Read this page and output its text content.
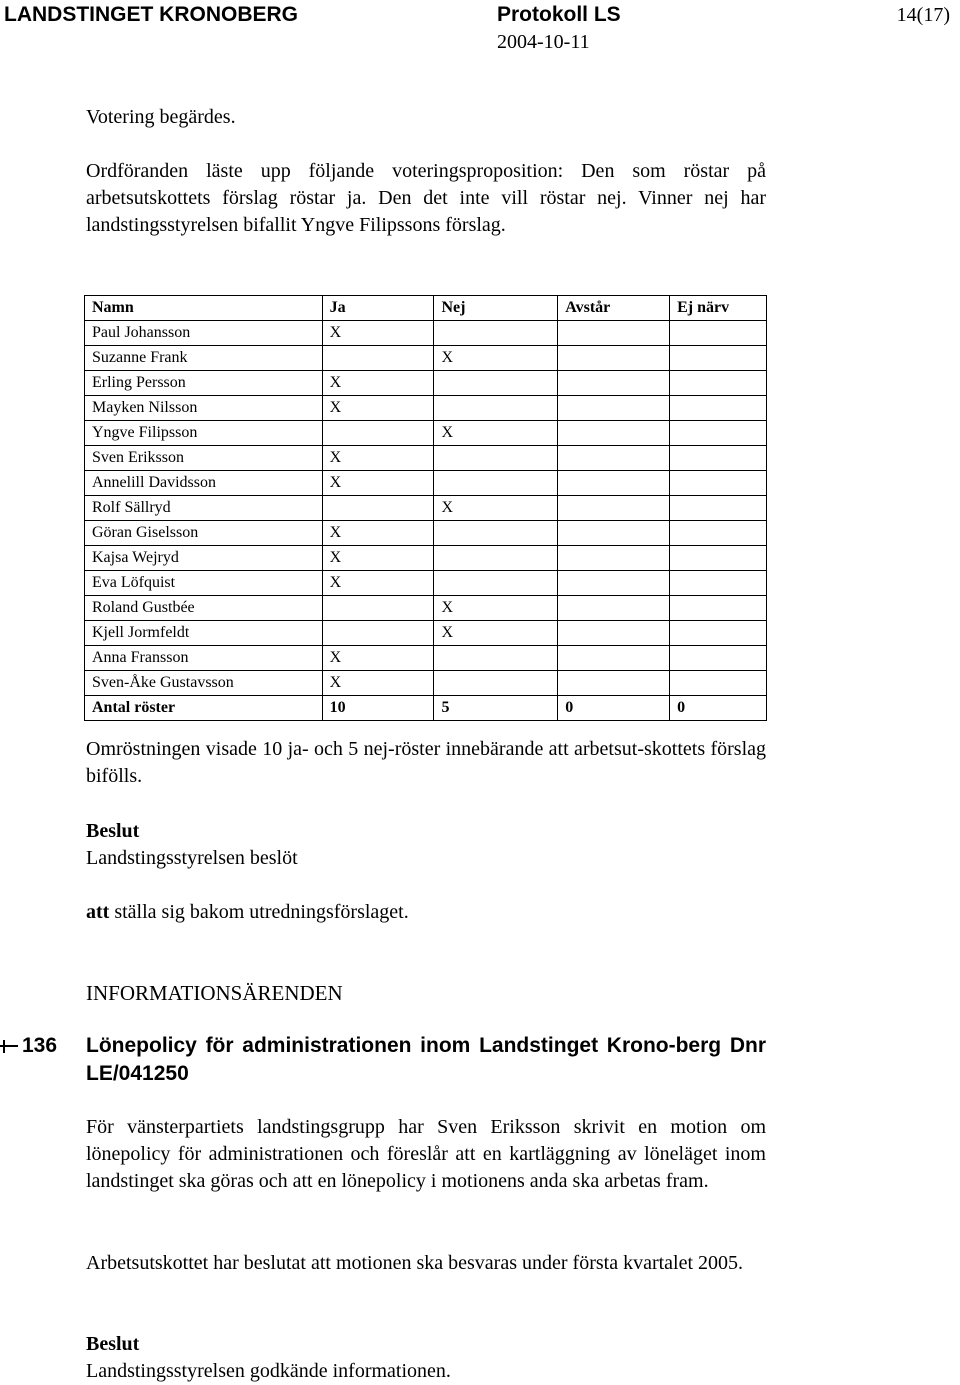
LANDSTINGET KRONOBERG	Protokoll LS	14(17)
2004-10-11

Votering begärdes.

Ordföranden läste upp följande voteringsproposition: Den som röstar på arbetsutskottets förslag röstar ja. Den det inte vill röstar nej. Vinner nej har landstingsstyrelsen bifallit Yngve Filipssons förslag.

Namn	Ja	Nej	Avstår	Ej närv
Paul Johansson	X			
Suzanne Frank		X		
Erling Persson	X			
Mayken Nilsson	X			
Yngve Filipsson		X		
Sven Eriksson	X			
Annelill Davidsson	X			
Rolf Sällryd		X		
Göran Giselsson	X			
Kajsa Wejryd	X			
Eva Löfquist	X			
Roland Gustbée		X		
Kjell Jormfeldt		X		
Anna Fransson	X			
Sven-Åke Gustavsson	X			
Antal röster	10	5	0	0

Omröstningen visade 10 ja- och 5 nej-röster innebärande att arbetsut-skottets förslag bifölls.

Beslut

Landstingsstyrelsen beslöt

att ställa sig bakom utredningsförslaget.

INFORMATIONSÄRENDEN

136 Lönepolicy för administrationen inom Landstinget Krono-berg Dnr LE/041250

För vänsterpartiets landstingsgrupp har Sven Eriksson skrivit en motion om lönepolicy för administrationen och föreslår att en kartläggning av löneläget inom landstinget ska göras och att en lönepolicy i motionens anda ska arbetas fram.

Arbetsutskottet har beslutat att motionen ska besvaras under första kvartalet 2005.

Beslut

Landstingsstyrelsen godkände informationen.
